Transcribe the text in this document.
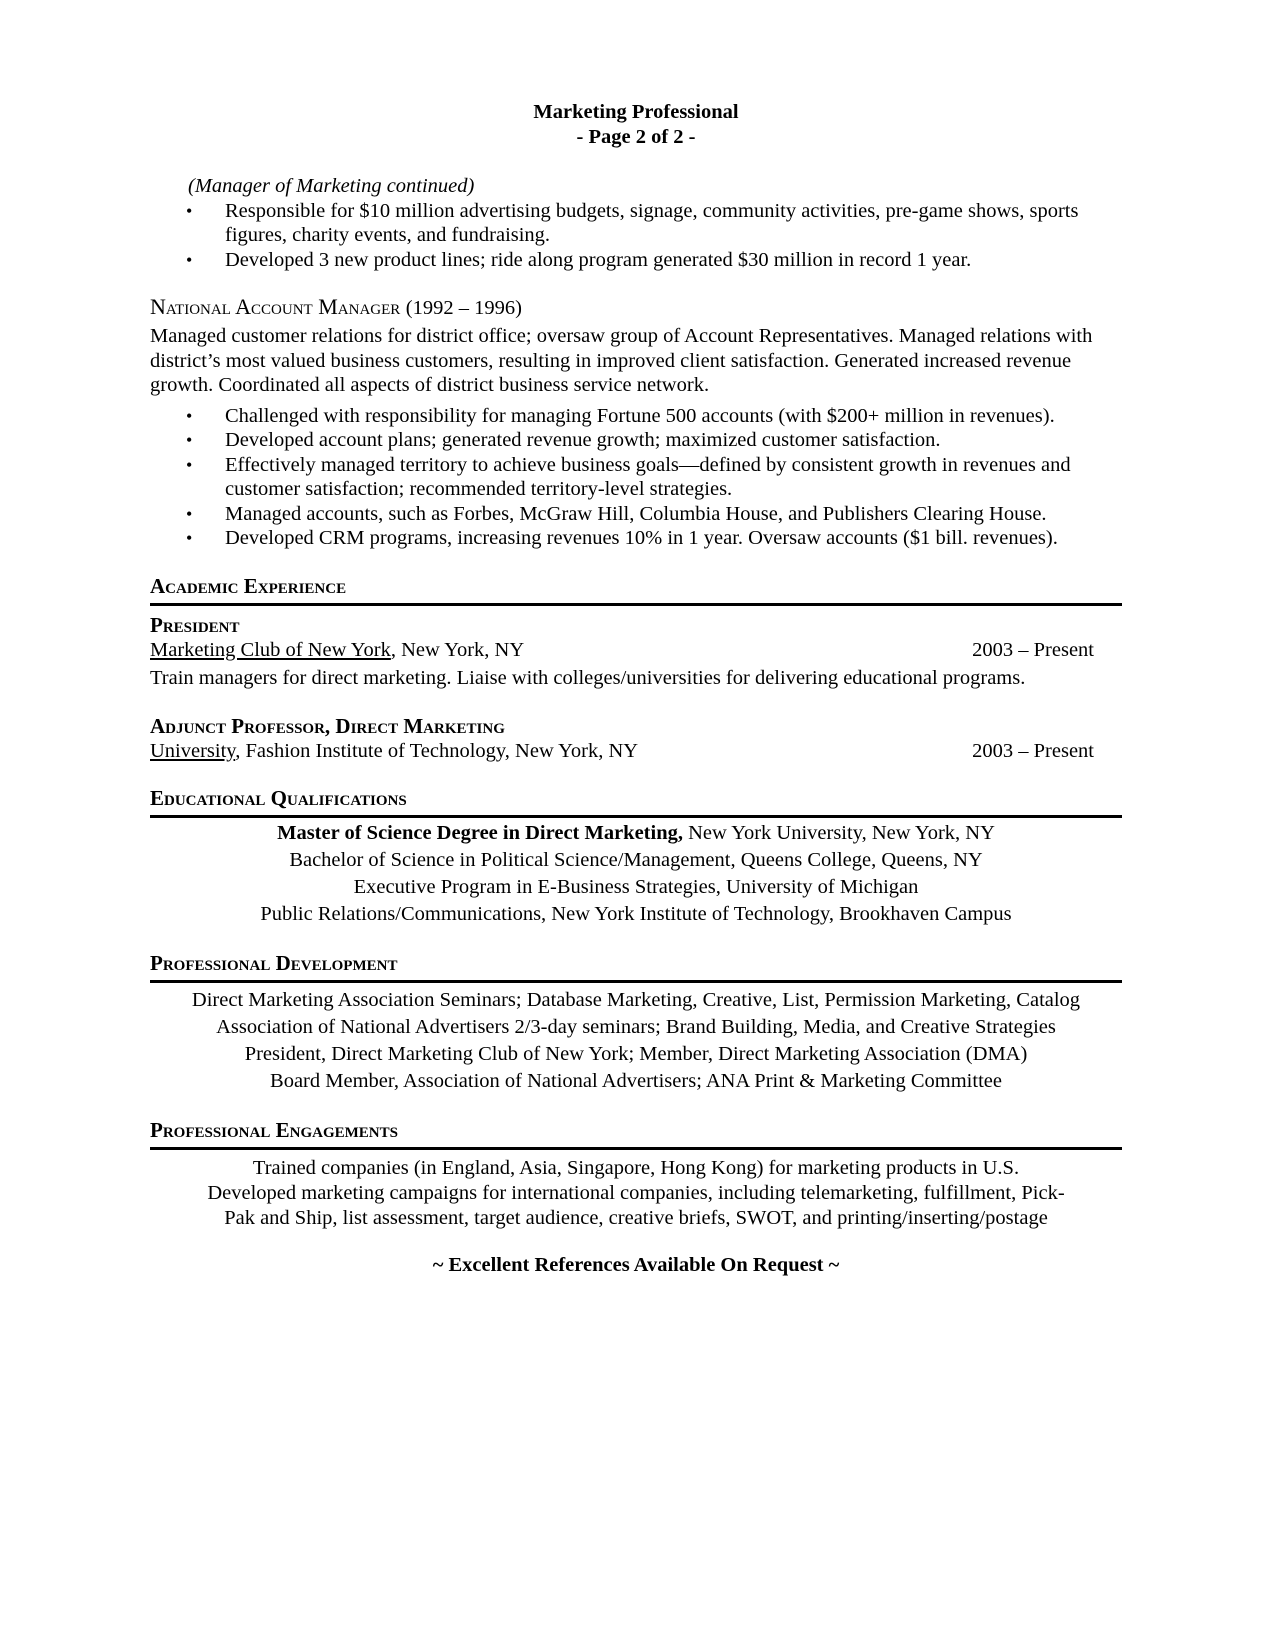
Marketing Professional
- Page 2 of 2 -
(Manager of Marketing continued)
• Responsible for $10 million advertising budgets, signage, community activities, pre-game shows, sports figures, charity events, and fundraising.
• Developed 3 new product lines; ride along program generated $30 million in record 1 year.
National Account Manager (1992 – 1996)
Managed customer relations for district office; oversaw group of Account Representatives. Managed relations with district’s most valued business customers, resulting in improved client satisfaction. Generated increased revenue growth. Coordinated all aspects of district business service network.
• Challenged with responsibility for managing Fortune 500 accounts (with $200+ million in revenues).
• Developed account plans; generated revenue growth; maximized customer satisfaction.
• Effectively managed territory to achieve business goals—defined by consistent growth in revenues and customer satisfaction; recommended territory-level strategies.
• Managed accounts, such as Forbes, McGraw Hill, Columbia House, and Publishers Clearing House.
• Developed CRM programs, increasing revenues 10% in 1 year. Oversaw accounts ($1 bill. revenues).
Academic Experience
President
Marketing Club of New York, New York, NY	2003 – Present
Train managers for direct marketing. Liaise with colleges/universities for delivering educational programs.
Adjunct Professor, Direct Marketing
University, Fashion Institute of Technology, New York, NY	2003 – Present
Educational Qualifications
Master of Science Degree in Direct Marketing, New York University, New York, NY
Bachelor of Science in Political Science/Management, Queens College, Queens, NY
Executive Program in E-Business Strategies, University of Michigan
Public Relations/Communications, New York Institute of Technology, Brookhaven Campus
Professional Development
Direct Marketing Association Seminars; Database Marketing, Creative, List, Permission Marketing, Catalog
Association of National Advertisers 2/3-day seminars; Brand Building, Media, and Creative Strategies
President, Direct Marketing Club of New York; Member, Direct Marketing Association (DMA)
Board Member, Association of National Advertisers; ANA Print & Marketing Committee
Professional Engagements
Trained companies (in England, Asia, Singapore, Hong Kong) for marketing products in U.S.
Developed marketing campaigns for international companies, including telemarketing, fulfillment, Pick-Pak and Ship, list assessment, target audience, creative briefs, SWOT, and printing/inserting/postage
~ Excellent References Available On Request ~
